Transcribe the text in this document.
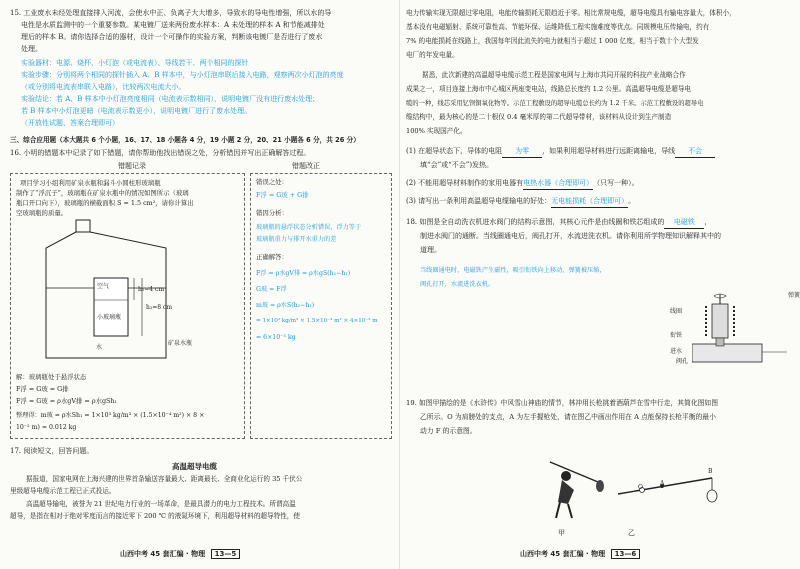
15. 工业废水未经处理直接排入河流，会使水中正、负离子大大增多，导致水的导电性增强，所以水的导
电性是水质监测中的一个重要参数。某电镀厂送来两份废水样本：A 未处理的样本 A 和节能减排处
理后的样本 B。请你选择合适的器材，设计一个可操作的实验方案，判断该电镀厂是否进行了废水
处理。
实验器材：电源、烧杯、小灯泡（或电流表）、导线若干、两个相同的探针
实验步骤：分别将两个相同的探针插入 A、B 样本中，与小灯泡串联后接入电路，观察两次小灯泡的亮度
（或分别将电流表串联入电路），比较两次电流大小。
实验结论：若 A、B 样本中小灯泡亮度相同（电流表示数相同），说明电镀厂没有进行废水处理；
若 B 样本中小灯泡更暗（电流表示数更小），说明电镀厂进行了废水处理。
（开放性试题，答案合理即可）
三、综合应用题（本大题共 6 个小题，16、17、18 小题各 4 分，19 小题 2 分，20、21 小题各 6 分，共 26 分）
16. 小明的错题本中记录了如下错题，请你帮助他找出错误之处，分析错因并写出正确解答过程。
错题记录	错题改正
项目学习小组利用矿泉水瓶和漏斗小圆柱形玻璃瓶
制作了“浮沉子”，玻璃瓶在矿泉水瓶中的情况如图所示（玻璃
瓶口开口向下），玻璃瓶的横截面积 S = 1.5 cm²，请你计算出
空玻璃瓶的质量。
空气	h₁=4 cm
h₂=8 cm
小玻璃瓶
水
矿泉水瓶
解：玻璃瓶处于悬浮状态
F浮 = G玻 = G排
F浮 = G玻 = ρ水gV排 = ρ水gSh₁
整理得：m玻 = ρ水Sh₁ = 1×10³ kg/m³ × (1.5×10⁻⁴ m²) × 8 ×
10⁻² m) = 0.012 kg
错误之处：
F浮 = G玻 + G排
错因分析：
玻璃瓶的悬浮状态分析错误，浮力等于
玻璃瓶重力与排开水重力的差
正确解答：
F浮 = ρ水gV排 = ρ水gS(h₂−h₁)
G玻 = F浮
m玻 = ρ水S(h₂−h₁)
= 1×10³ kg/m³ × 1.5×10⁻⁴ m² × 4×10⁻² m
= 6×10⁻³ kg
17. 阅读短文，回答问题。
高温超导电缆
据报道，国家电网在上海兴建的世界首条输送容量最大、距离最长、全商业化运行的 35 千伏公
里级超导电缆示范工程已正式投运。
高温超导输电，被誉为 21 世纪电力行业的一场革命，是最具潜力的电力工程技术。所谓高温
超导，是指在相对于绝对零度而言的接近零下 200 ℃ 的液氮环境下，利用超导材料的超导特性，使
山西中考 45 套汇编 · 物理 13—5
电力传输实现无限超过零电阻，电能传输损耗无限趋近于零。相比常规电缆，超导电缆具有输电容量大，体积小，
基本没有电磁辐射、系统可靠性高、节能环保、运维降低工程实施难度等优点。同规模电压传输电，约有
7% 的电能损耗在线路上，我国每年因此流失的电力就相当于超过 1 000 亿度，相当于数十个大型发
电厂的年发电量。
据悉，此次新建的高温超导电缆示范工程是国家电网与上海市共同开展的科技产业战略合作
成果之一，项目连接上海市中心城区两座变电站，线路总长度约 1.2 公里。高温超导电缆是超导电
缆的一种，线芯采用钇钡铜氧化物等。示范工程敷设的超导电缆总长约为 1.2 千米。示范工程敷设的超导电
缆结构中，最为核心的是二十根仅 0.4 毫米厚的第二代超导带材，该材料从设计到生产制造
100% 实现国产化。
(1) 在超导状态下，导体的电阻 为零 ，如果利用超导材料进行远距离输电，导线 不会
填“会”或“不会”)发热。
(2) 不能用超导材料制作的家用电器有电热水器（合理即可）（只写一种）。
(3) 请写出一条利用高温超导电缆输电的好处：无电能损耗（合理即可）。
18. 如图是全自动洗衣机进水阀门的结构示意图，其核心元件是由线圈和铁芯组成的 电磁铁 ，
制进水阀门的通断。当线圈通电后，阀孔打开，水流进洗衣机。请你利用所学物理知识解释其中的
道理。
当线圈通电时，电磁铁产生磁性，吸引衔铁向上移动，弹簧被压缩，
阀孔打开，水流进洗衣机。
弹簧
线圈
衔铁
进水
阀孔
19. 如图甲描绘的是《水浒传》中风雪山神庙的情节，林冲用长枪挑着酒葫芦在雪中行走，其简化图如图
乙所示。O 为肩膀处的支点，A 为左手握枪处，请在图乙中画出作用在 A 点能保持长枪平衡的最小
动力 F 的示意图。
甲
O
A
B
乙
山西中考 45 套汇编 · 物理 13—6
